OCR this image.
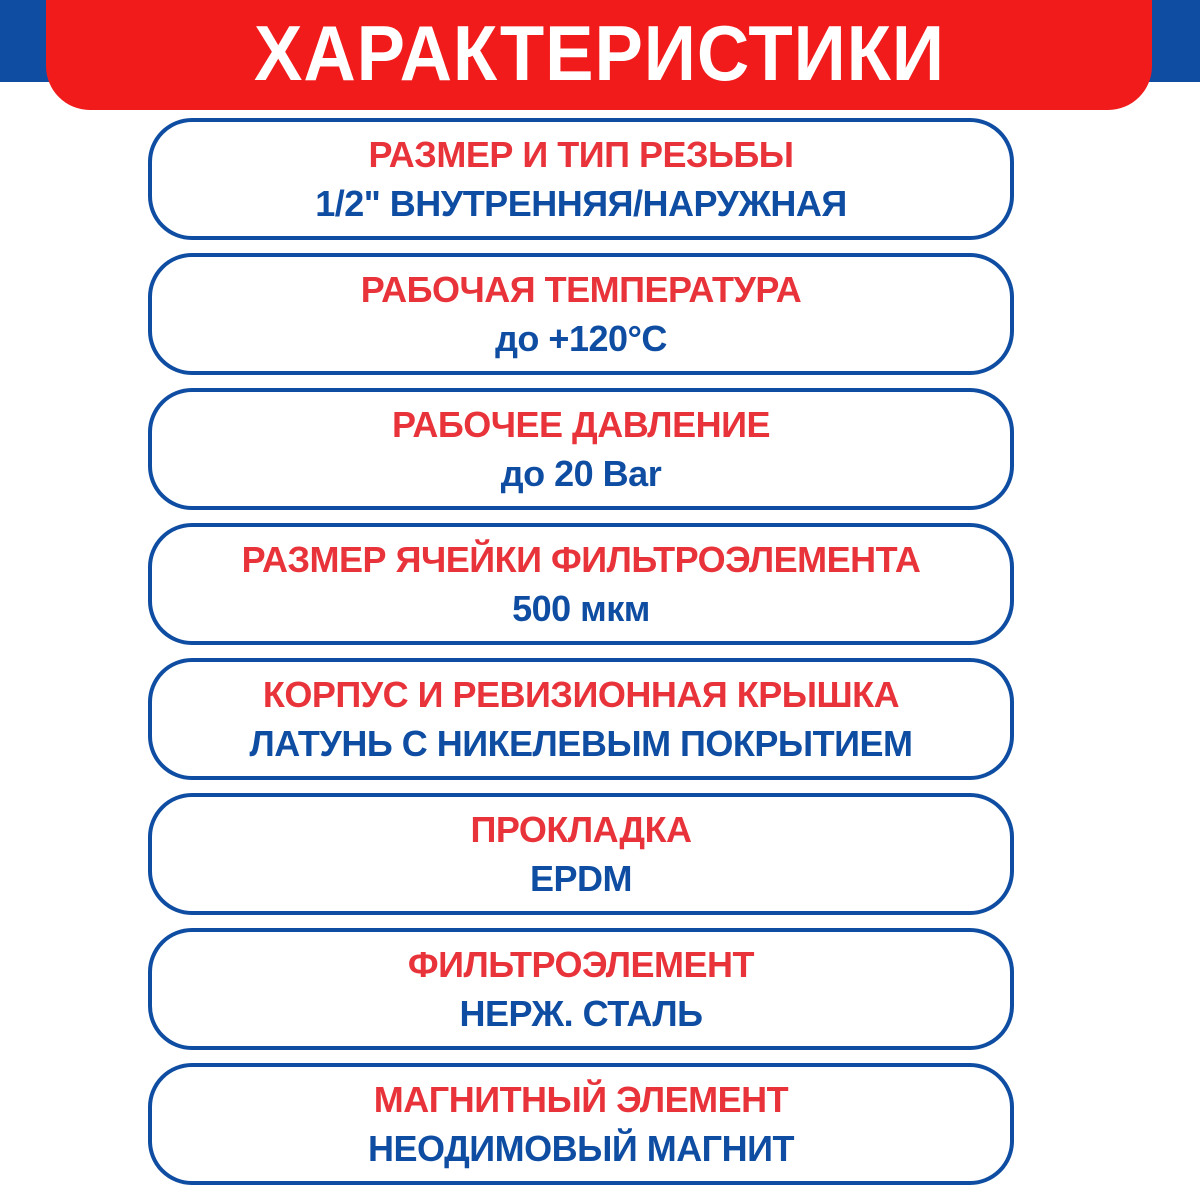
ХАРАКТЕРИСТИКИ
РАЗМЕР И ТИП РЕЗЬБЫ
1/2" ВНУТРЕННЯЯ/НАРУЖНАЯ
РАБОЧАЯ ТЕМПЕРАТУРА
до +120°С
РАБОЧЕЕ ДАВЛЕНИЕ
до 20 Bar
РАЗМЕР ЯЧЕЙКИ ФИЛЬТРОЭЛЕМЕНТА
500 мкм
КОРПУС И РЕВИЗИОННАЯ КРЫШКА
ЛАТУНЬ С НИКЕЛЕВЫМ ПОКРЫТИЕМ
ПРОКЛАДКА
EPDM
ФИЛЬТРОЭЛЕМЕНТ
НЕРЖ. СТАЛЬ
МАГНИТНЫЙ ЭЛЕМЕНТ
НЕОДИМОВЫЙ МАГНИТ
